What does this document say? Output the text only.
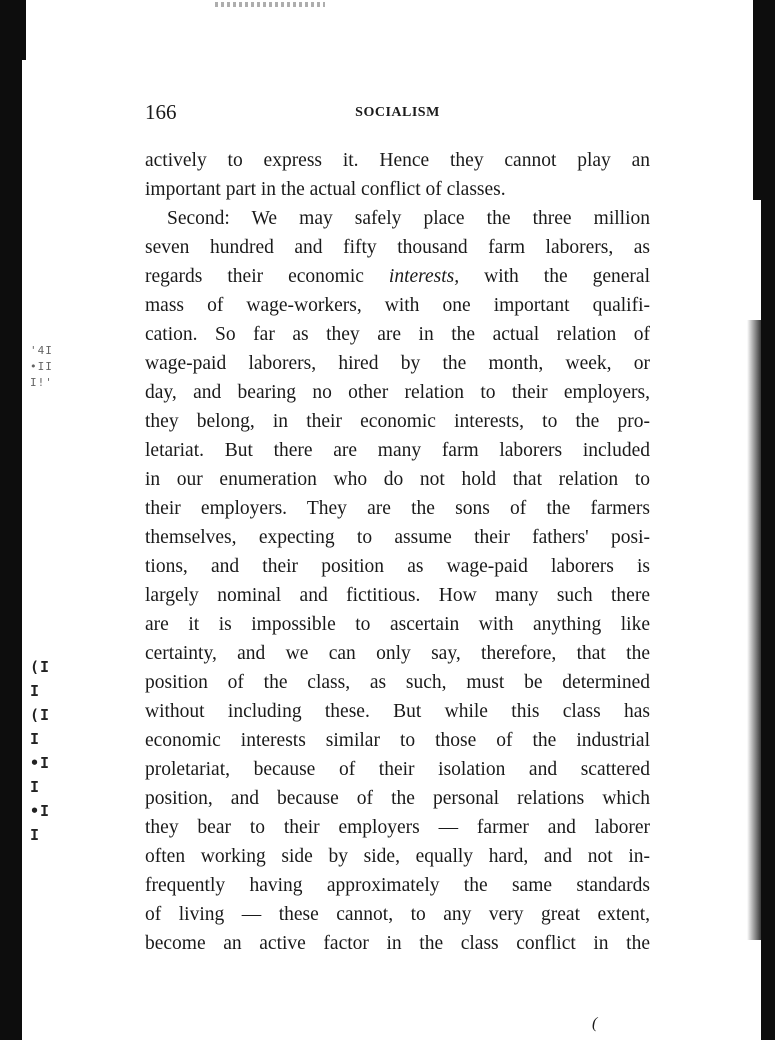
'4I
•II
I!'
(I I
(I I
•I I
•I I
166	SOCIALISM
actively to express it. Hence they cannot play an
important part in the actual conflict of classes.
Second: We may safely place the three million
seven hundred and fifty thousand farm laborers, as
regards their economic interests, with the general
mass of wage-workers, with one important qualifi-
cation. So far as they are in the actual relation of
wage-paid laborers, hired by the month, week, or
day, and bearing no other relation to their employers,
they belong, in their economic interests, to the pro-
letariat. But there are many farm laborers included
in our enumeration who do not hold that relation to
their employers. They are the sons of the farmers
themselves, expecting to assume their fathers' posi-
tions, and their position as wage-paid laborers is
largely nominal and fictitious. How many such there
are it is impossible to ascertain with anything like
certainty, and we can only say, therefore, that the
position of the class, as such, must be determined
without including these. But while this class has
economic interests similar to those of the industrial
proletariat, because of their isolation and scattered
position, and because of the personal relations which
they bear to their employers — farmer and laborer
often working side by side, equally hard, and not in-
frequently having approximately the same standards
of living — these cannot, to any very great extent,
become an active factor in the class conflict in the
(
